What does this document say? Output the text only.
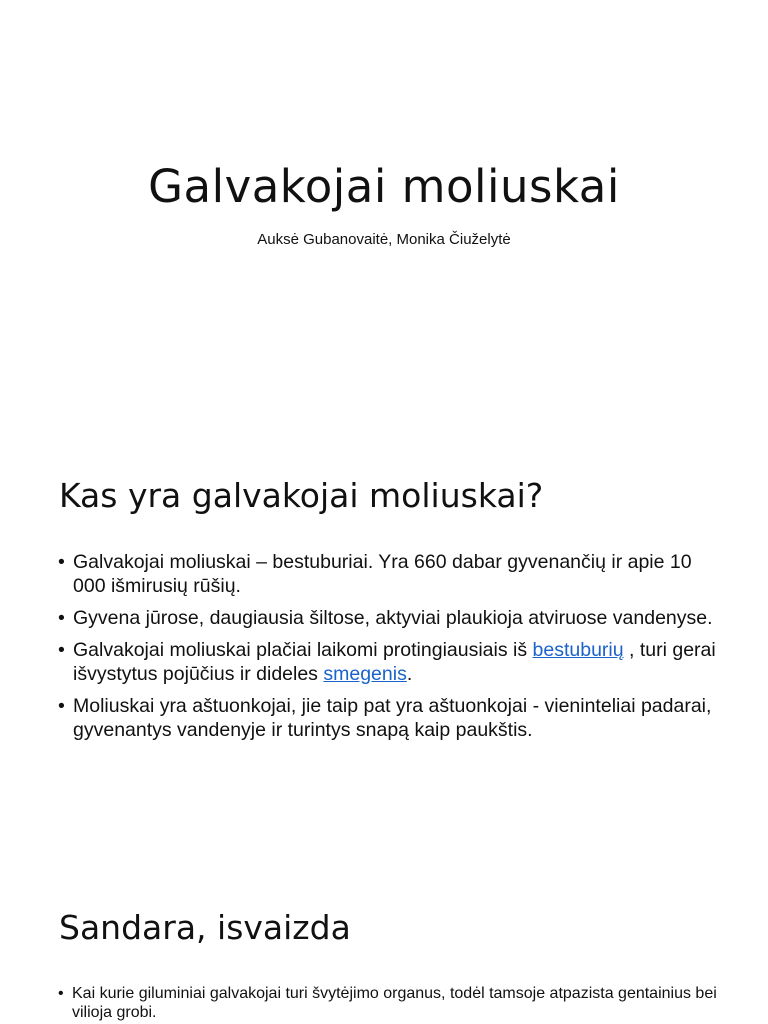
Galvakojai moliuskai

Auksė Gubanovaitė, Monika Čiuželytė

Kas yra galvakojai moliuskai?
• Galvakojai moliuskai – bestuburiai. Yra 660 dabar gyvenančių ir apie 10 000 išmirusių rūšių.
• Gyvena jūrose, daugiausia šiltose, aktyviai plaukioja atviruose vandenyse.
• Galvakojai moliuskai plačiai laikomi protingiausiais iš bestuburių , turi gerai išvystytus pojūčius ir dideles smegenis.
• Moliuskai yra aštuonkojai, jie taip pat yra aštuonkojai - vieninteliai padarai, gyvenantys vandenyje ir turintys snapą kaip paukštis.
Sandara, isvaizda
• Kai kurie giluminiai galvakojai turi švytėjimo organus, todėl tamsoje atpazista gentainius bei vilioja grobi.
